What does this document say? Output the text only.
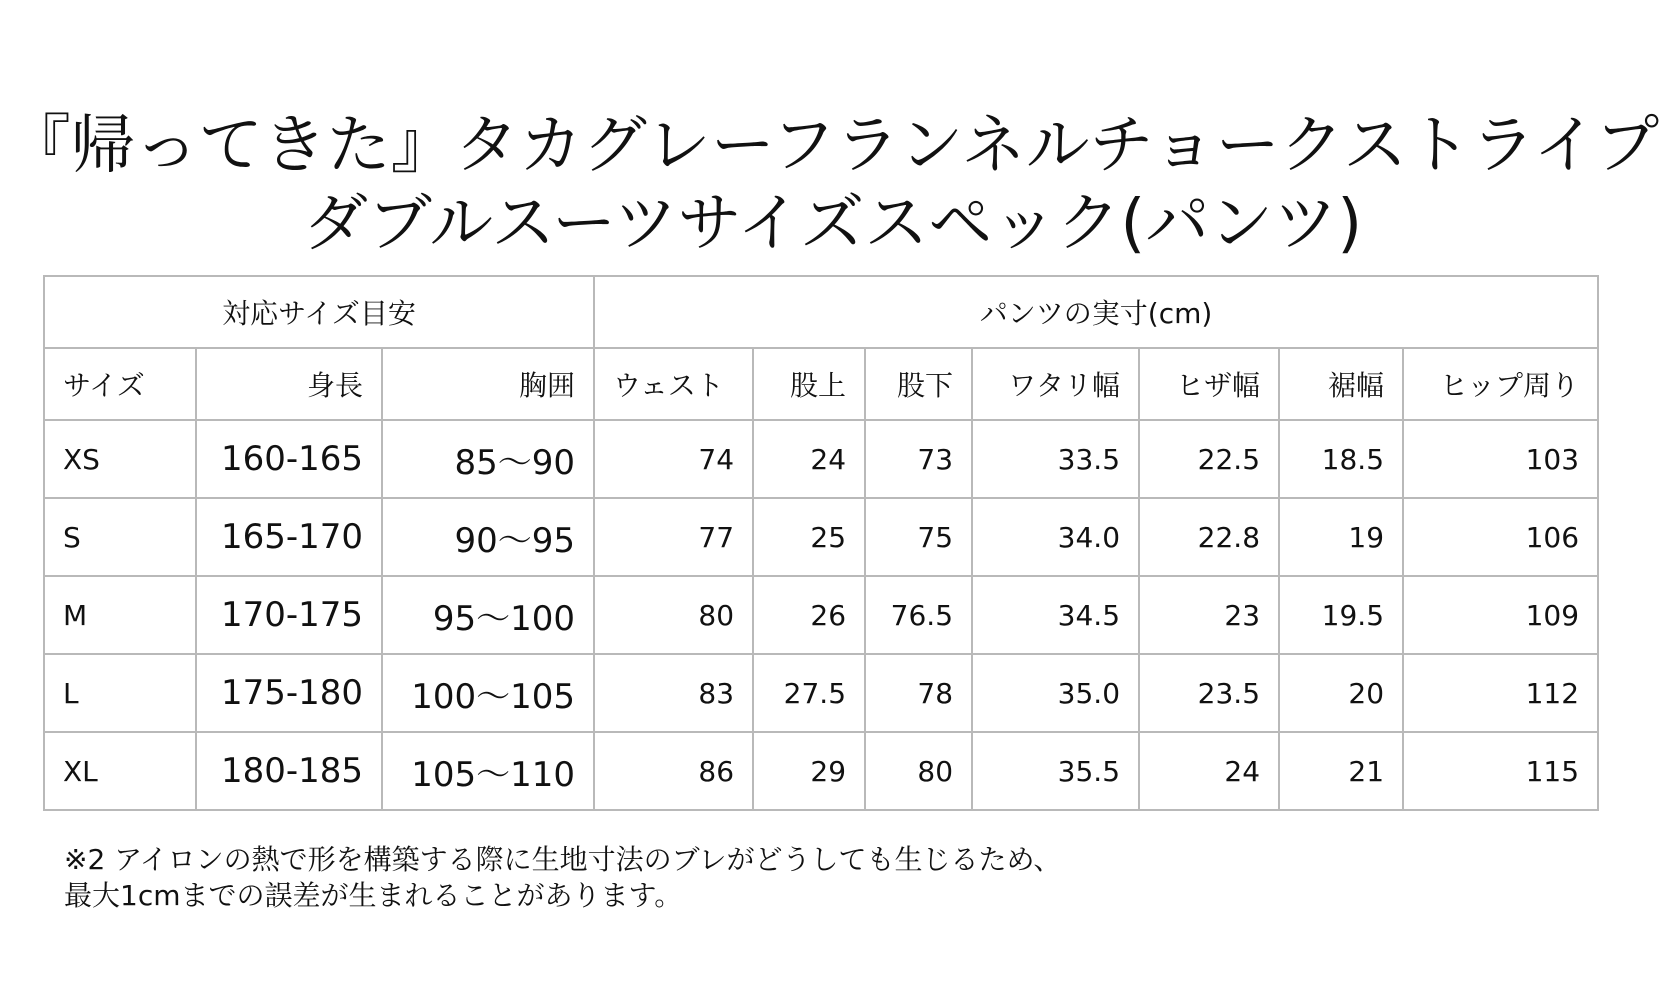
『帰ってきた』タカグレーフランネルチョークストライプ
ダブルスーツサイズスペック(パンツ)
対応サイズ目安			パンツの実寸(cm)						
サイズ	身長	胸囲	ウェスト	股上	股下	ワタリ幅	ヒザ幅	裾幅	ヒップ周り
XS	160-165	85〜90	74	24	73	33.5	22.5	18.5	103
S	165-170	90〜95	77	25	75	34.0	22.8	19	106
M	170-175	95〜100	80	26	76.5	34.5	23	19.5	109
L	175-180	100〜105	83	27.5	78	35.0	23.5	20	112
XL	180-185	105〜110	86	29	80	35.5	24	21	115
※2 アイロンの熱で形を構築する際に生地寸法のブレがどうしても生じるため、
最大1cmまでの誤差が生まれることがあります。
